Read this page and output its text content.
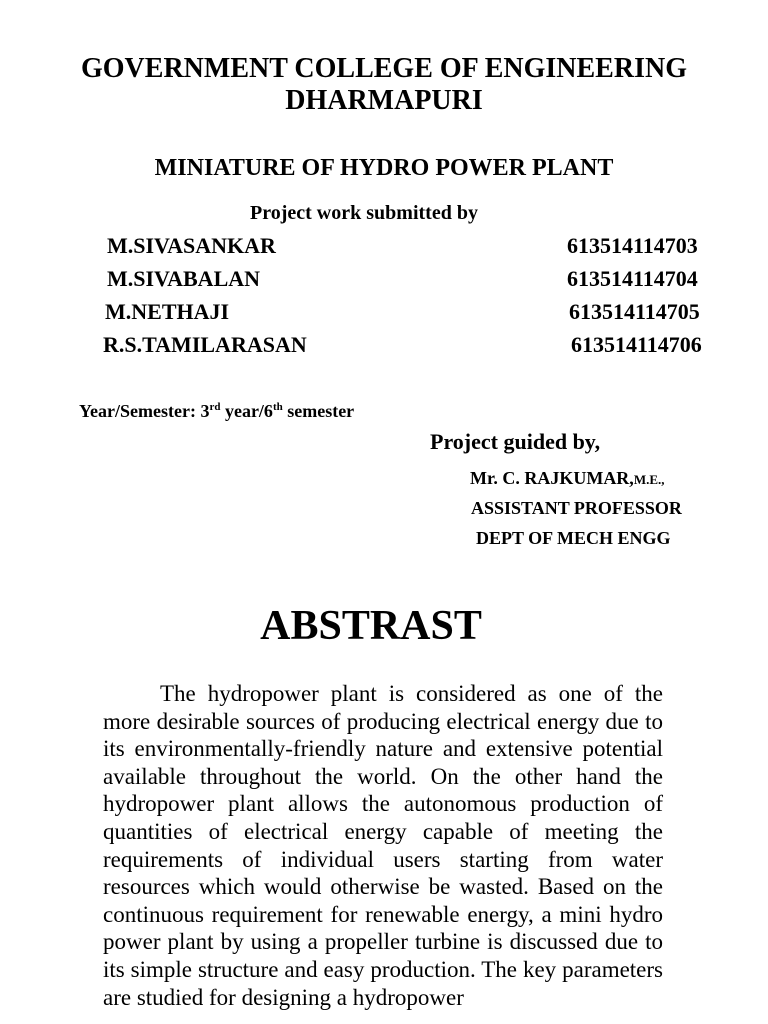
GOVERNMENT COLLEGE OF ENGINEERING
DHARMAPURI
MINIATURE OF HYDRO POWER PLANT
Project work submitted by
M.SIVASANKAR	613514114703
M.SIVABALAN	613514114704
M.NETHAJI	613514114705
R.S.TAMILARASAN	613514114706
Year/Semester: 3rd year/6th semester
Project guided by,
Mr. C. RAJKUMAR,M.E.,
ASSISTANT PROFESSOR
DEPT OF MECH ENGG
ABSTRAST

The hydropower plant is considered as one of the more desirable sources of producing electrical energy due to its environmentally-friendly nature and extensive potential available throughout the world. On the other hand the hydropower plant allows the autonomous production of quantities of electrical energy capable of meeting the requirements of individual users starting from water resources which would otherwise be wasted. Based on the continuous requirement for renewable energy, a mini hydro power plant by using a propeller turbine is discussed due to its simple structure and easy production. The key parameters are studied for designing a hydropower
